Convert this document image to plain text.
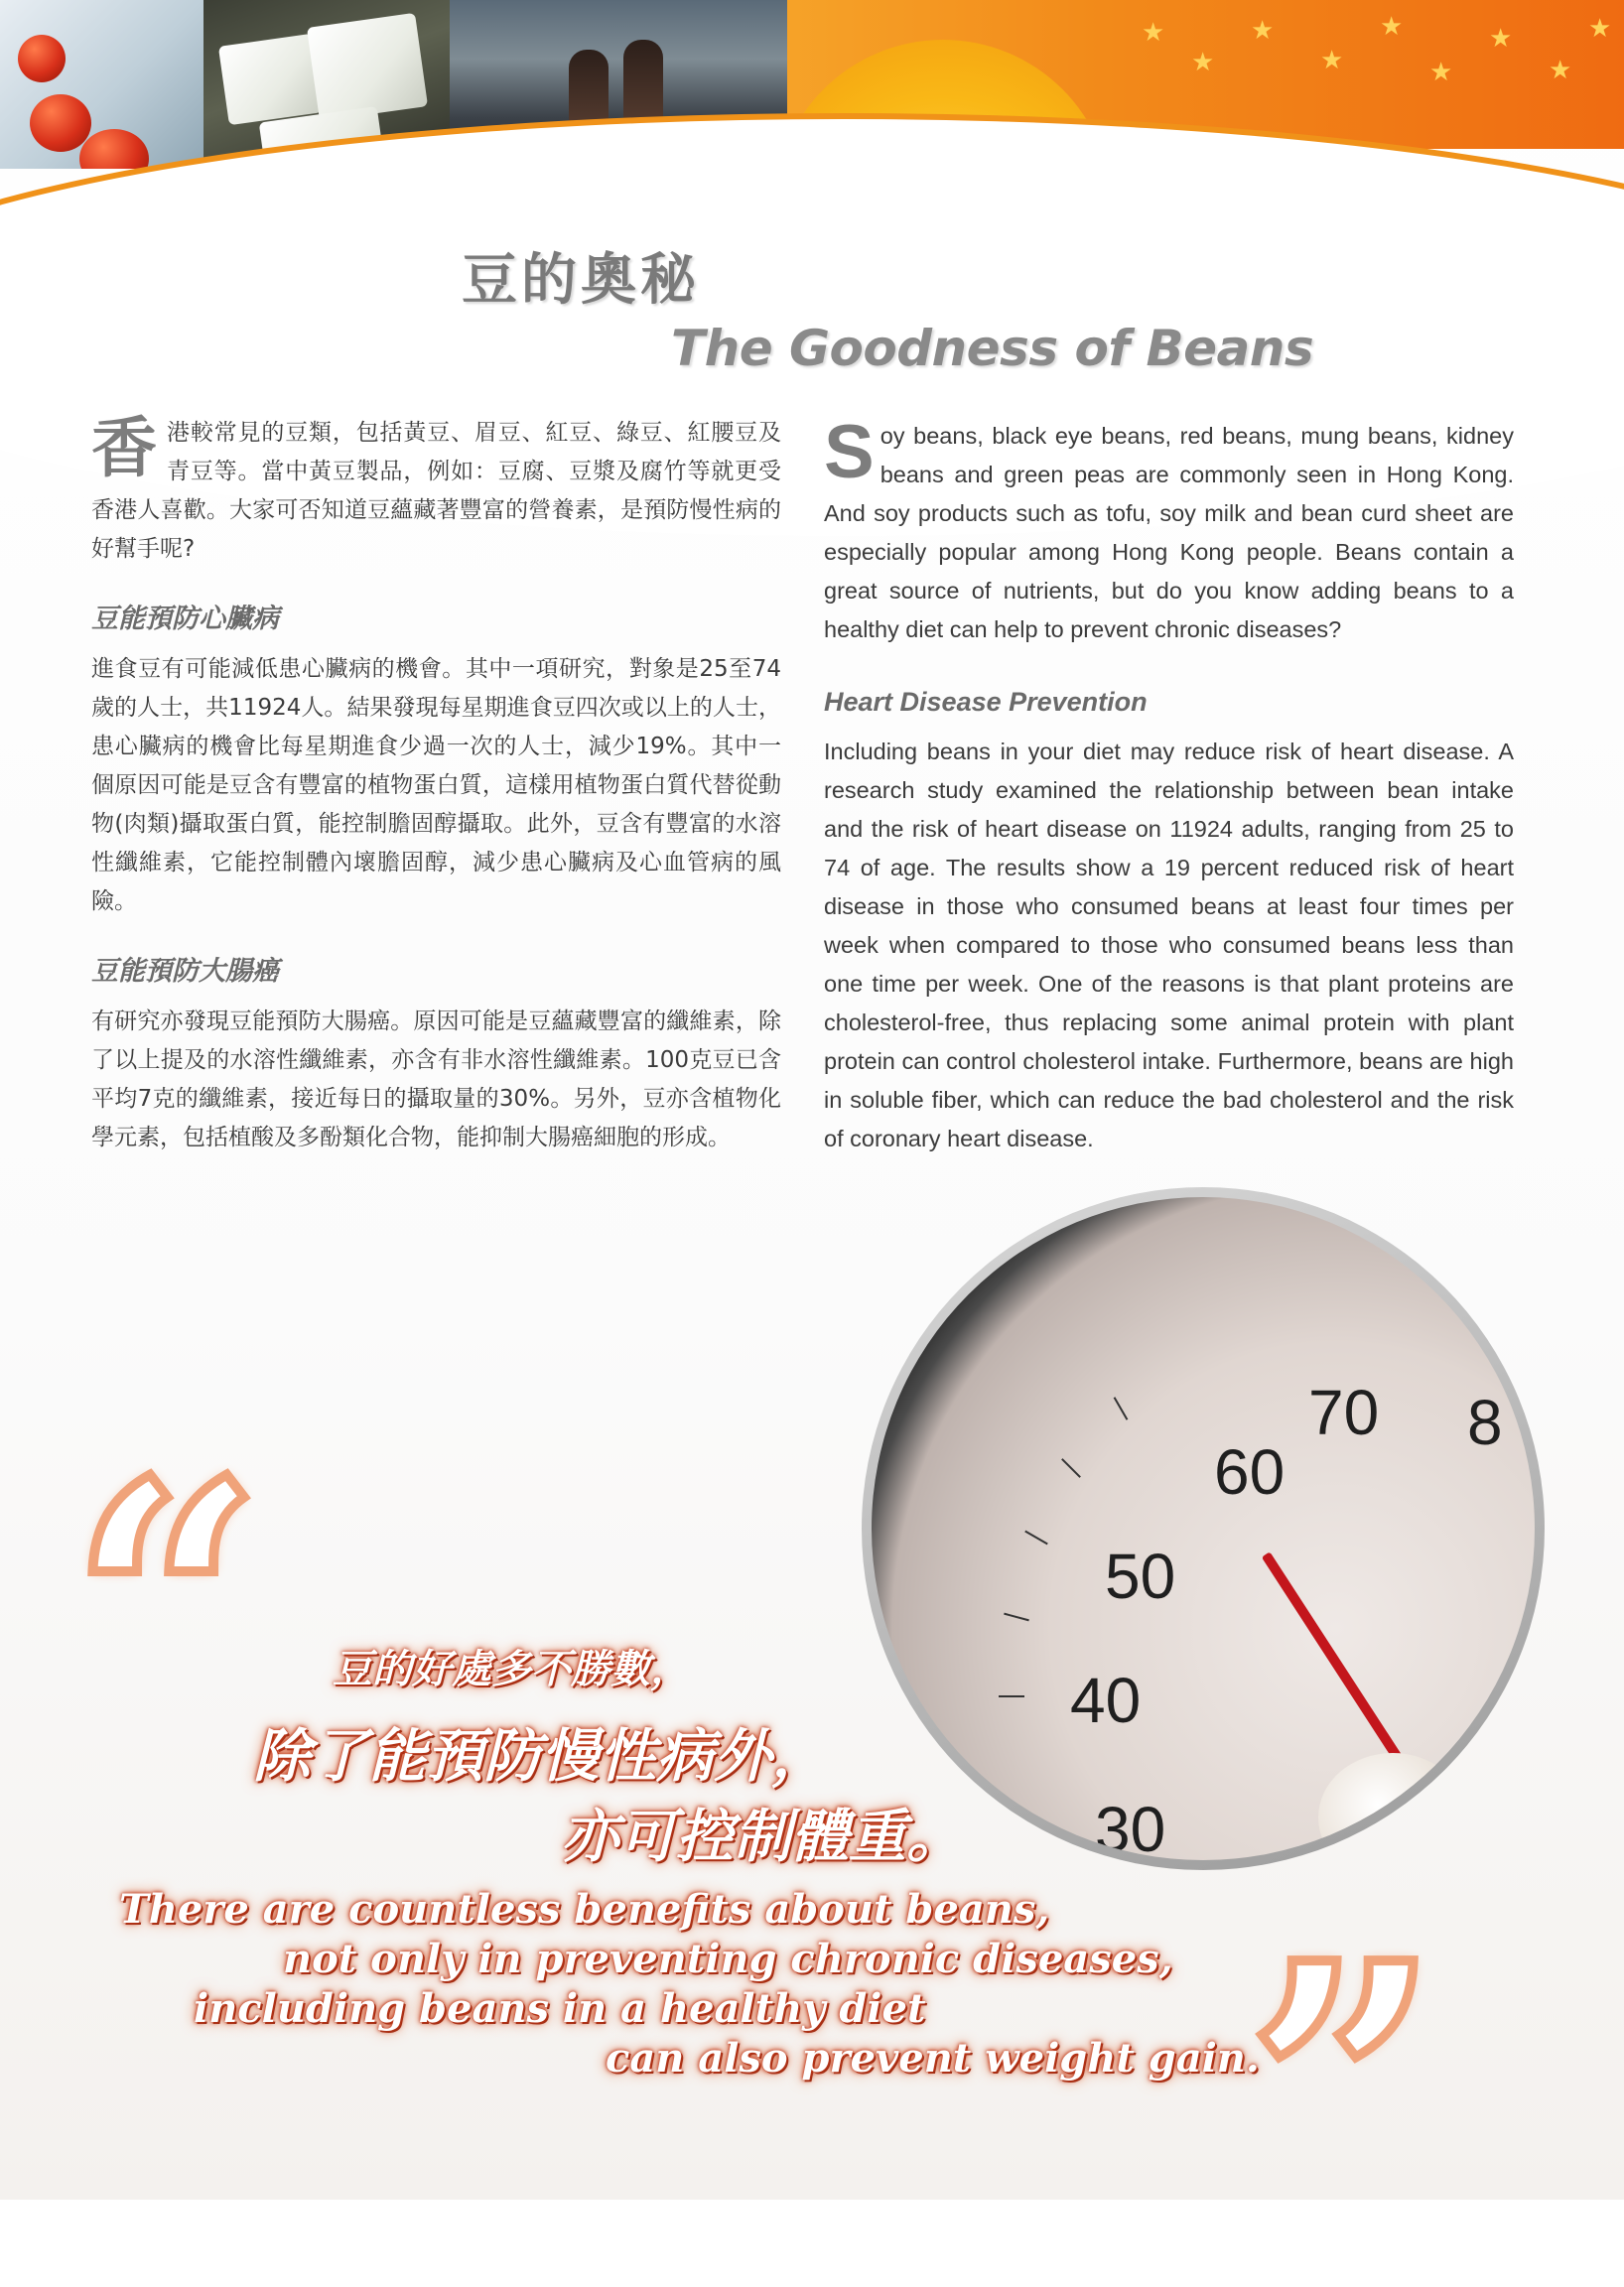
★
★
★
★
★
★
★
★
★
豆的奧秘
The Goodness of Beans

香港較常見的豆類，包括黃豆、眉豆、紅豆、綠豆、紅腰豆及青豆等。當中黃豆製品，例如：豆腐、豆漿及腐竹等就更受香港人喜歡。大家可否知道豆蘊藏著豐富的營養素，是預防慢性病的好幫手呢?

豆能預防心臟病

進食豆有可能減低患心臟病的機會。其中一項研究，對象是25至74歲的人士，共11924人。結果發現每星期進食豆四次或以上的人士，患心臟病的機會比每星期進食少過一次的人士，減少19%。其中一個原因可能是豆含有豐富的植物蛋白質，這樣用植物蛋白質代替從動物(肉類)攝取蛋白質，能控制膽固醇攝取。此外，豆含有豐富的水溶性纖維素，它能控制體內壞膽固醇，減少患心臟病及心血管病的風險。

豆能預防大腸癌

有研究亦發現豆能預防大腸癌。原因可能是豆蘊藏豐富的纖維素，除了以上提及的水溶性纖維素，亦含有非水溶性纖維素。100克豆已含平均7克的纖維素，接近每日的攝取量的30%。另外，豆亦含植物化學元素，包括植酸及多酚類化合物，能抑制大腸癌細胞的形成。

Soy beans, black eye beans, red beans, mung beans, kidney beans and green peas are commonly seen in Hong Kong. And soy products such as tofu, soy milk and bean curd sheet are especially popular among Hong Kong people. Beans contain a great source of nutrients, but do you know adding beans to a healthy diet can help to prevent chronic diseases?

Heart Disease Prevention

Including beans in your diet may reduce risk of heart disease. A research study examined the relationship between bean intake and the risk of heart disease on 11924 adults, ranging from 25 to 74 of age. The results show a 19 percent reduced risk of heart disease in those who consumed beans at least four times per week when compared to those who consumed beans less than one time per week. One of the reasons is that plant proteins are cholesterol-free, thus replacing some animal protein with plant protein can control cholesterol intake. Furthermore, beans are high in soluble fiber, which can reduce the bad cholesterol and the risk of coronary heart disease.

70 8
60
50
40
30
“
”
豆的好處多不勝數，
除了能預防慢性病外，
亦可控制體重。
There are countless benefits about beans,
not only in preventing chronic diseases,
including beans in a healthy diet
can also prevent weight gain.
